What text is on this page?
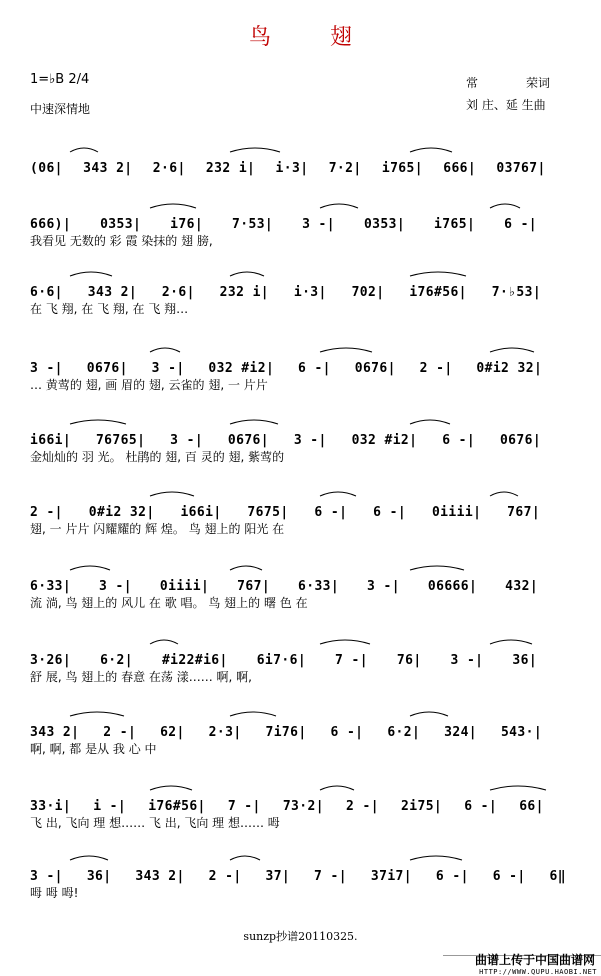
鸟 翅
1=♭B 2/4
中速深情地
常　　　　荣词
刘 庄、延 生曲
(06| 343 2| 2·6| 232 i| i·3| 7·2| i765| 666| 03767|
666)| 0353| i76| 7·53| 3 -| 0353| i765| 6 -|
我看见 无数的 彩 霞 染抹的 翅 膀,
6·6| 343 2| 2·6| 232 i| i·3| 702| i76#56| 7·♭53|
在 飞 翔, 在 飞 翔, 在 飞 翔…
3 -| 0676| 3 -| 032 #i2| 6 -| 0676| 2 -| 0#i2 32|
… 黄莺的 翅, 画 眉的 翅, 云雀的 翅, 一 片片
i66i| 76765| 3 -| 0676| 3 -| 032 #i2| 6 -| 0676|
金灿灿的 羽 光。 杜鹃的 翅, 百 灵的 翅, 紫莺的
2 -| 0#i2 32| i66i| 7675| 6 -| 6 -| 0iiii| 767|
翅, 一 片片 闪耀耀的 辉 煌。 鸟 翅上的 阳光 在
6·33| 3 -| 0iiii| 767| 6·33| 3 -| 06666| 432|
流 淌, 鸟 翅上的 风儿 在 歌 唱。 鸟 翅上的 曙 色 在
3·26| 6·2| #i22#i6| 6i7·6| 7 -| 76| 3 -| 36|
舒 展, 鸟 翅上的 春意 在荡 漾…… 啊, 啊,
343 2| 2 -| 62| 2·3| 7i76| 6 -| 6·2| 324| 543·|
啊, 啊, 都 是从 我 心 中
33·i| i -| i76#56| 7 -| 73·2| 2 -| 2i75| 6 -| 66|
飞 出, 飞向 理 想…… 飞 出, 飞向 理 想…… 呣
3 -| 36| 343 2| 2 -| 37| 7 -| 37i7| 6 -| 6 -| 6‖
呣 呣 呣!
sunzp抄谱20110325.
曲谱上传于中国曲谱网
HTTP://WWW.QUPU.HAOBI.NET
